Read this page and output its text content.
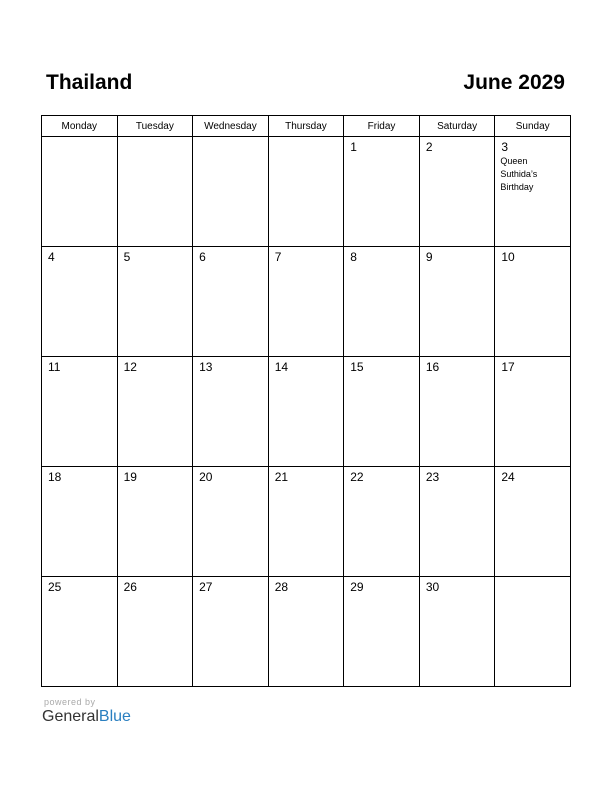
Thailand	June 2029
Monday	Tuesday	Wednesday	Thursday	Friday	Saturday	Sunday

				1	2	3
Queen Suthida’s Birthday

4	5	6	7	8	9	10

11	12	13	14	15	16	17

18	19	20	21	22	23	24

25	26	27	28	29	30	

powered by
GeneralBlue
